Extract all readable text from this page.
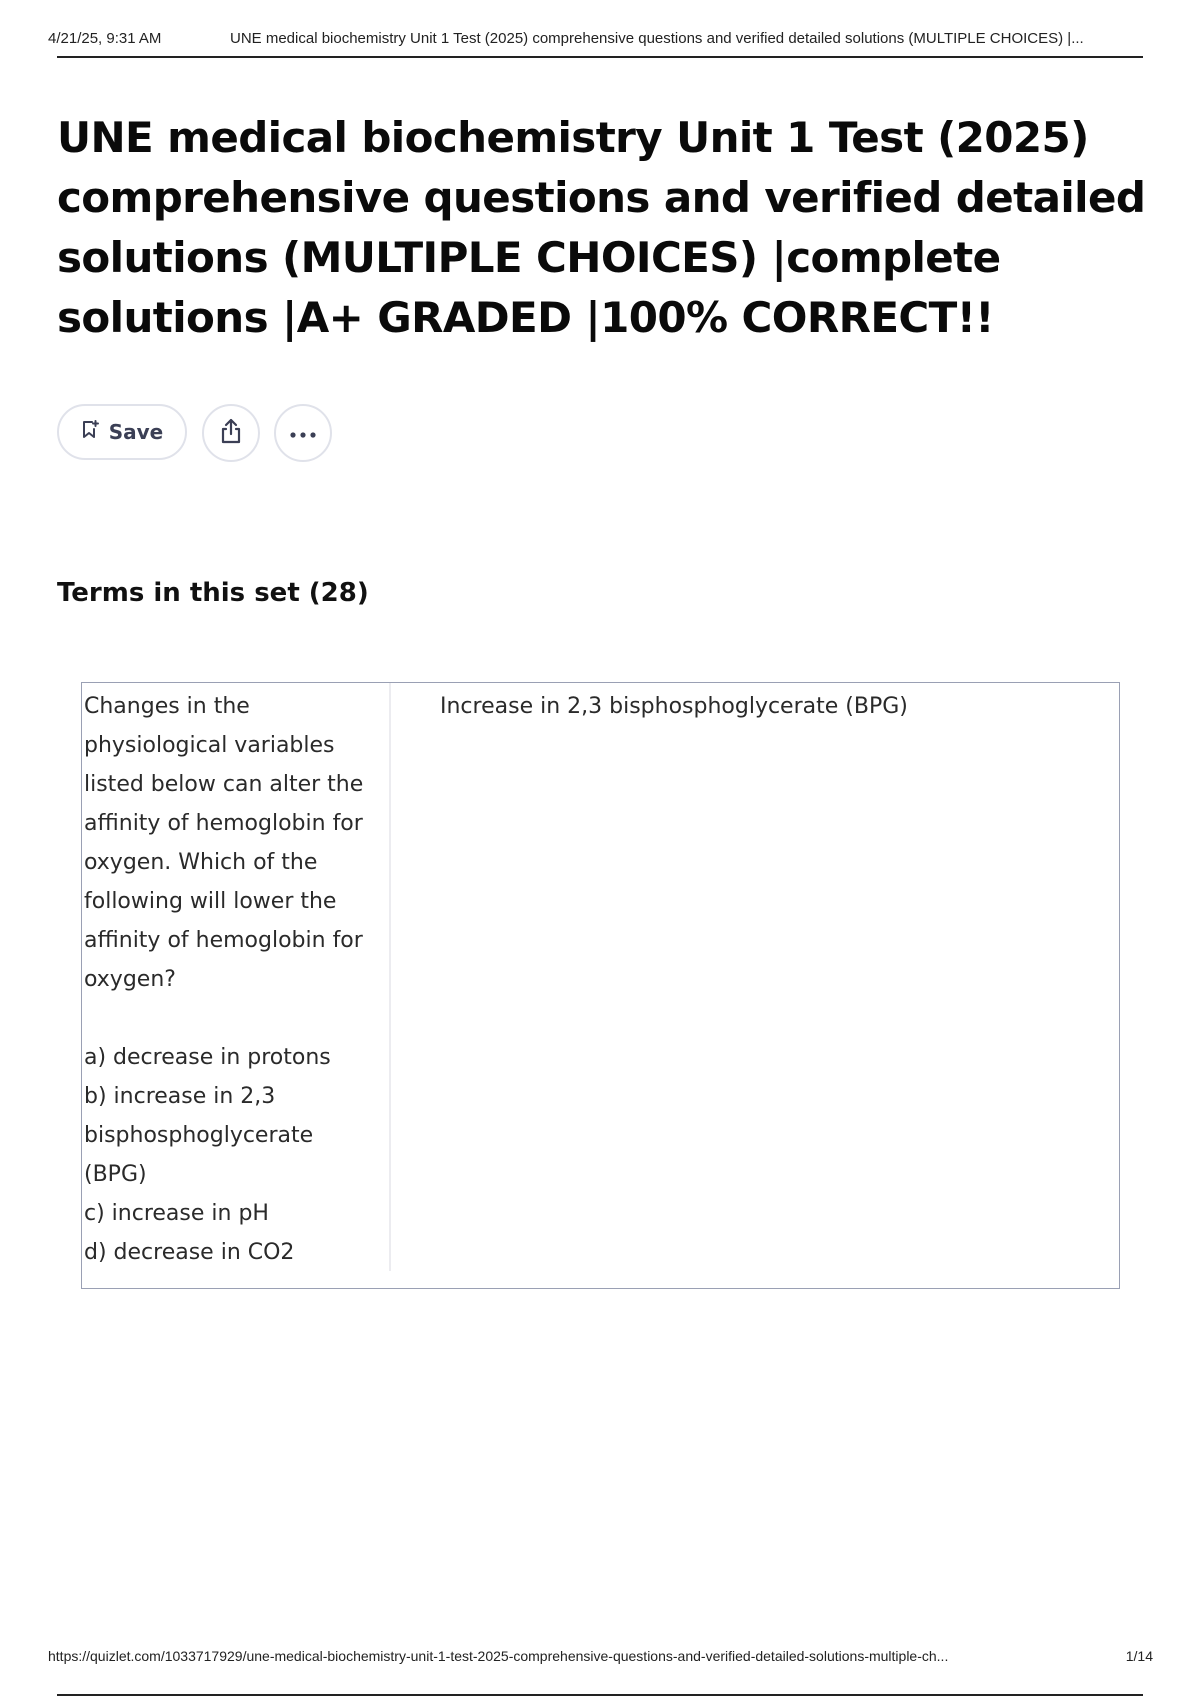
4/21/25, 9:31 AM	UNE medical biochemistry Unit 1 Test (2025) comprehensive questions and verified detailed solutions (MULTIPLE CHOICES) |...
UNE medical biochemistry Unit 1 Test (2025) comprehensive questions and verified detailed solutions (MULTIPLE CHOICES) |complete solutions |A+ GRADED |100% CORRECT!!
Save
Terms in this set (28)
Changes in the
physiological variables
listed below can alter the
affinity of hemoglobin for
oxygen. Which of the
following will lower the
affinity of hemoglobin for
oxygen?

a) decrease in protons
b) increase in 2,3
bisphosphoglycerate
(BPG)
c) increase in pH
d) decrease in CO2
Increase in 2,3 bisphosphoglycerate (BPG)
https://quizlet.com/1033717929/une-medical-biochemistry-unit-1-test-2025-comprehensive-questions-and-verified-detailed-solutions-multiple-ch...	1/14
